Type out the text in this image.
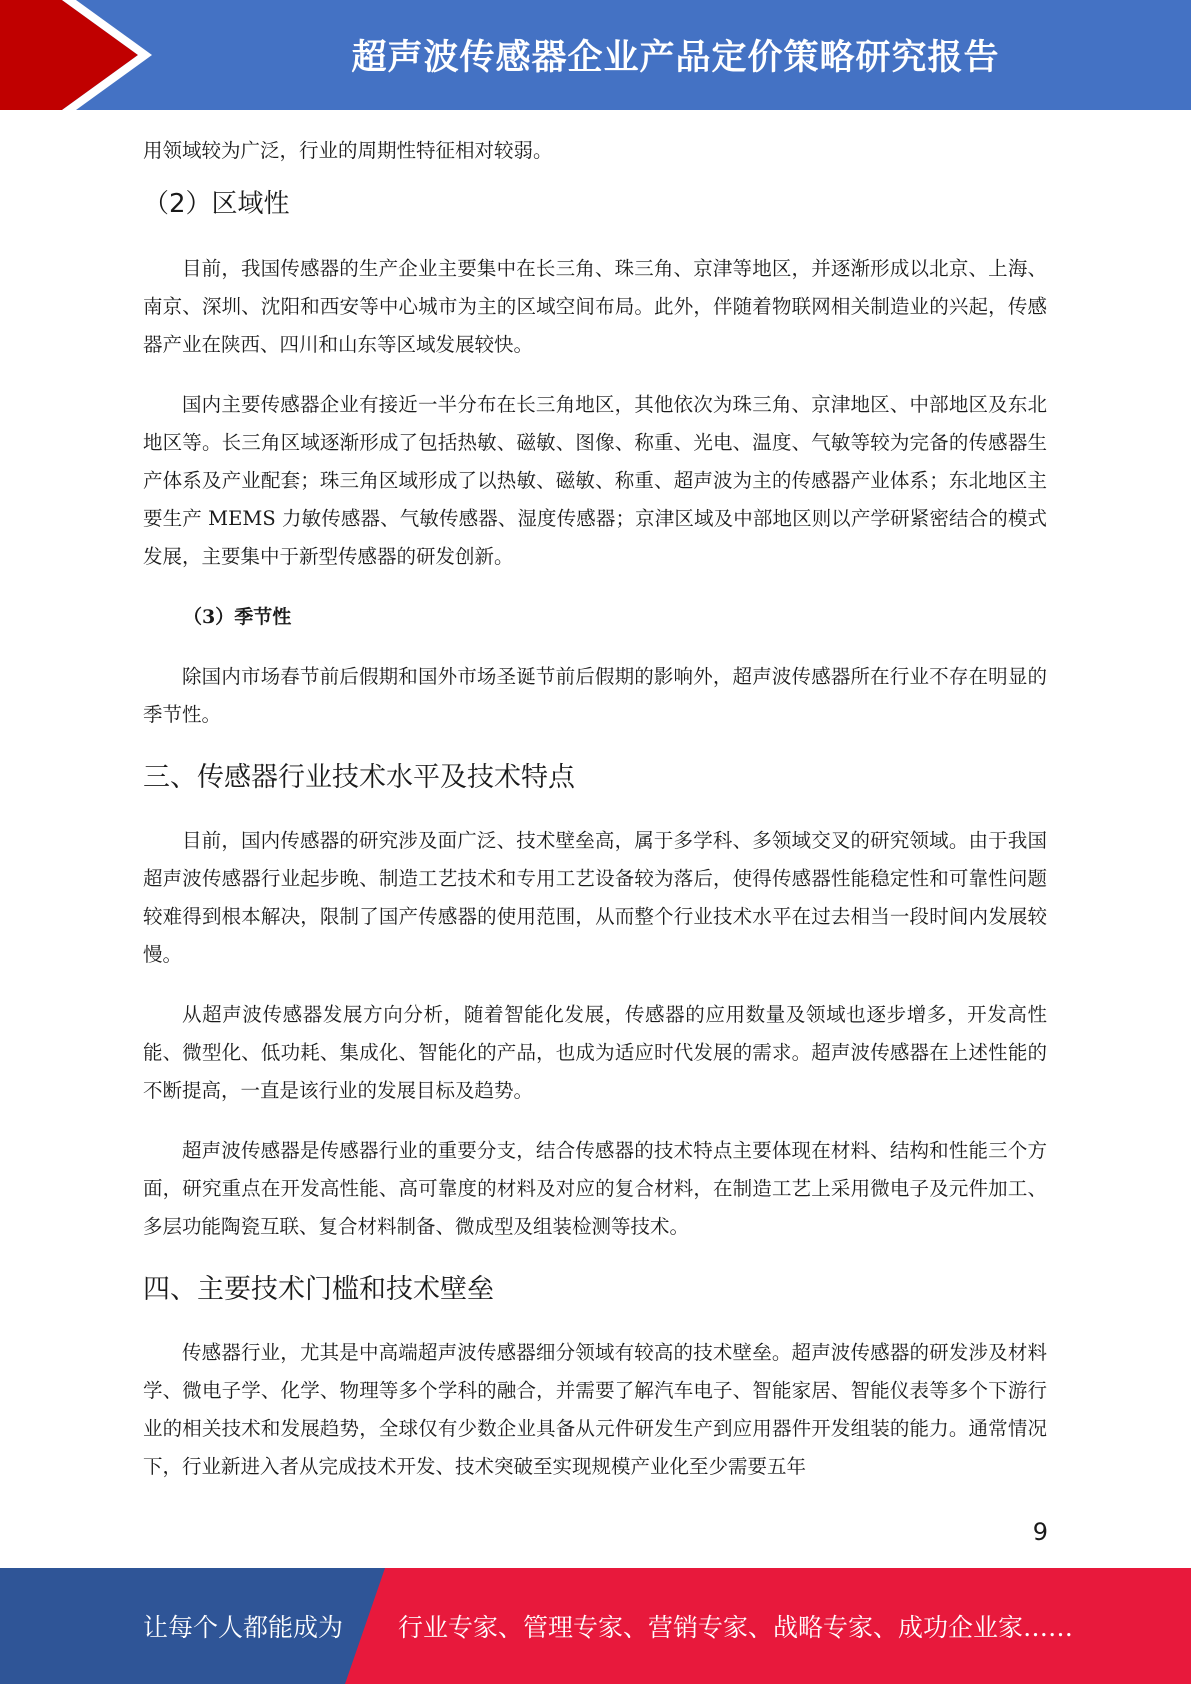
超声波传感器企业产品定价策略研究报告

用领域较为广泛，行业的周期性特征相对较弱。

（2）区域性

目前，我国传感器的生产企业主要集中在长三角、珠三角、京津等地区，并逐渐形成以北京、上海、南京、深圳、沈阳和西安等中心城市为主的区域空间布局。此外，伴随着物联网相关制造业的兴起，传感器产业在陕西、四川和山东等区域发展较快。

国内主要传感器企业有接近一半分布在长三角地区，其他依次为珠三角、京津地区、中部地区及东北地区等。长三角区域逐渐形成了包括热敏、磁敏、图像、称重、光电、温度、气敏等较为完备的传感器生产体系及产业配套；珠三角区域形成了以热敏、磁敏、称重、超声波为主的传感器产业体系；东北地区主要生产 MEMS 力敏传感器、气敏传感器、湿度传感器；京津区域及中部地区则以产学研紧密结合的模式发展，主要集中于新型传感器的研发创新。

（3）季节性

除国内市场春节前后假期和国外市场圣诞节前后假期的影响外，超声波传感器所在行业不存在明显的季节性。

三、传感器行业技术水平及技术特点

目前，国内传感器的研究涉及面广泛、技术壁垒高，属于多学科、多领域交叉的研究领域。由于我国超声波传感器行业起步晚、制造工艺技术和专用工艺设备较为落后，使得传感器性能稳定性和可靠性问题较难得到根本解决，限制了国产传感器的使用范围，从而整个行业技术水平在过去相当一段时间内发展较慢。

从超声波传感器发展方向分析，随着智能化发展，传感器的应用数量及领域也逐步增多，开发高性能、微型化、低功耗、集成化、智能化的产品，也成为适应时代发展的需求。超声波传感器在上述性能的不断提高，一直是该行业的发展目标及趋势。

超声波传感器是传感器行业的重要分支，结合传感器的技术特点主要体现在材料、结构和性能三个方面，研究重点在开发高性能、高可靠度的材料及对应的复合材料，在制造工艺上采用微电子及元件加工、多层功能陶瓷互联、复合材料制备、微成型及组装检测等技术。

四、主要技术门槛和技术壁垒

传感器行业，尤其是中高端超声波传感器细分领域有较高的技术壁垒。超声波传感器的研发涉及材料学、微电子学、化学、物理等多个学科的融合，并需要了解汽车电子、智能家居、智能仪表等多个下游行业的相关技术和发展趋势，全球仅有少数企业具备从元件研发生产到应用器件开发组装的能力。通常情况下，行业新进入者从完成技术开发、技术突破至实现规模产业化至少需要五年

9
让每个人都能成为 行业专家、管理专家、营销专家、战略专家、成功企业家……
